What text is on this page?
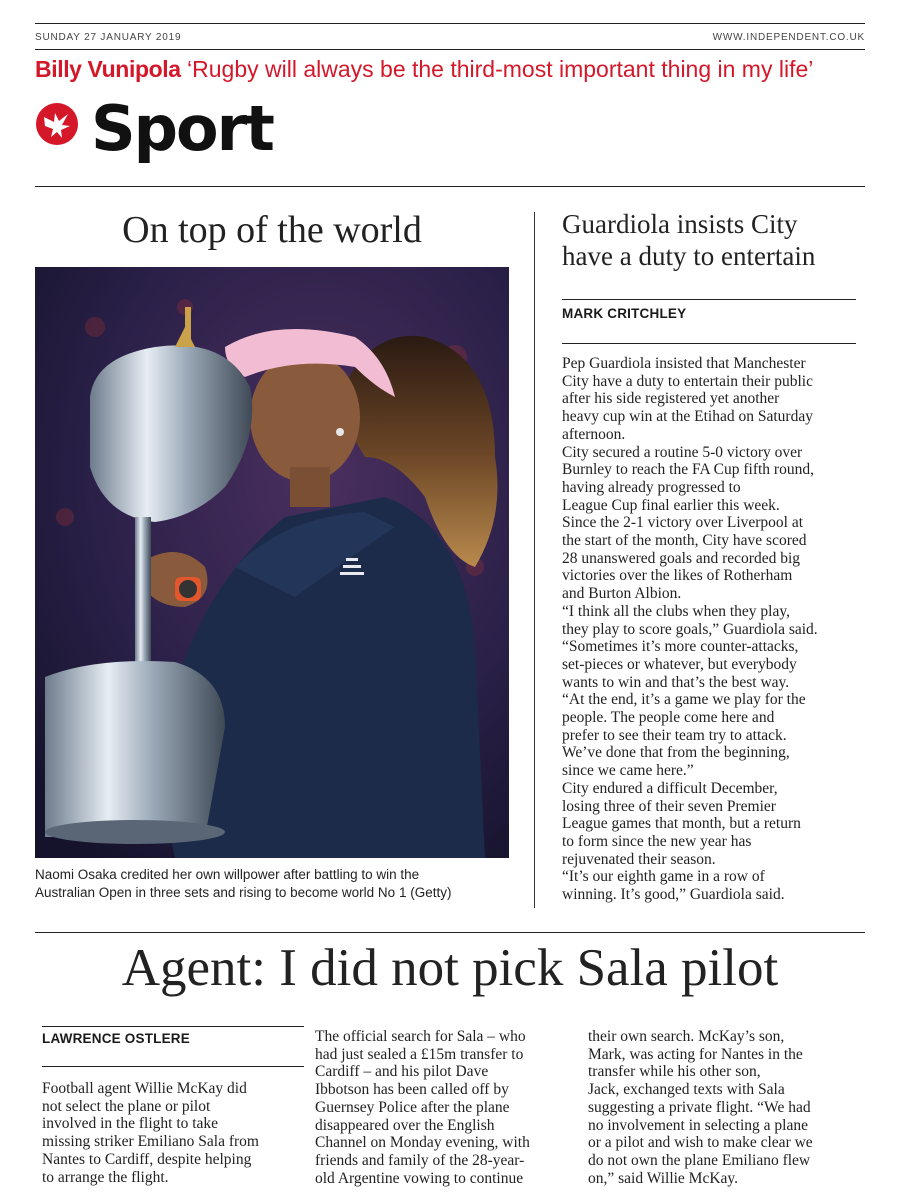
SUNDAY 27 JANUARY 2019	WWW.INDEPENDENT.CO.UK
Billy Vunipola ‘Rugby will always be the third-most important thing in my life’
Sport
On top of the world
Naomi Osaka credited her own willpower after battling to win the
Australian Open in three sets and rising to become world No 1 (Getty)
Guardiola insists City
have a duty to entertain
MARK CRITCHLEY

Pep Guardiola insisted that Manchester

City have a duty to entertain their public

after his side registered yet another

heavy cup win at the Etihad on Saturday

afternoon.

City secured a routine 5-0 victory over

Burnley to reach the FA Cup fifth round,

having already progressed to

League Cup final earlier this week.

Since the 2-1 victory over Liverpool at

the start of the month, City have scored

28 unanswered goals and recorded big

victories over the likes of Rotherham

and Burton Albion.

“I think all the clubs when they play,

they play to score goals,” Guardiola said.

“Sometimes it’s more counter-attacks,

set-pieces or whatever, but everybody

wants to win and that’s the best way.

“At the end, it’s a game we play for the

people. The people come here and

prefer to see their team try to attack.

We’ve done that from the beginning,

since we came here.”

City endured a difficult December,

losing three of their seven Premier

League games that month, but a return

to form since the new year has

rejuvenated their season.

“It’s our eighth game in a row of

winning. It’s good,” Guardiola said.

Agent: I did not pick Sala pilot
LAWRENCE OSTLERE

Football agent Willie McKay did

not select the plane or pilot

involved in the flight to take

missing striker Emiliano Sala from

Nantes to Cardiff, despite helping

to arrange the flight.

The official search for Sala – who

had just sealed a £15m transfer to

Cardiff – and his pilot Dave

Ibbotson has been called off by

Guernsey Police after the plane

disappeared over the English

Channel on Monday evening, with

friends and family of the 28-year-

old Argentine vowing to continue

their own search. McKay’s son,

Mark, was acting for Nantes in the

transfer while his other son,

Jack, exchanged texts with Sala

suggesting a private flight. “We had

no involvement in selecting a plane

or a pilot and wish to make clear we

do not own the plane Emiliano flew

on,” said Willie McKay.
